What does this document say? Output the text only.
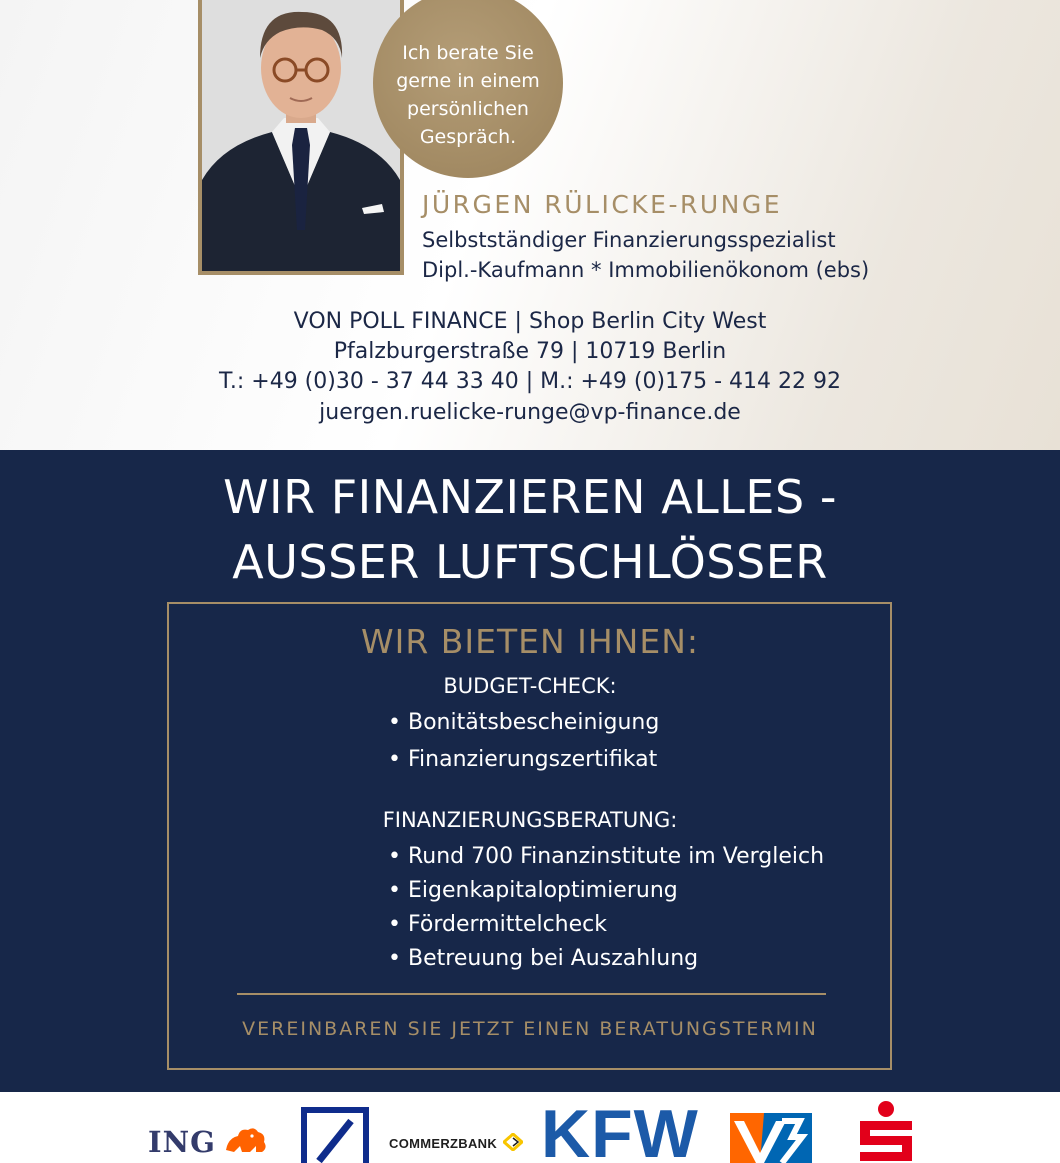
Ich berate Sie
gerne in einem
persönlichen
Gespräch.

JÜRGEN RÜLICKE-RUNGE
Selbstständiger Finanzierungsspezialist
Dipl.-Kaufmann * Immobilienökonom (ebs)
VON POLL FINANCE | Shop Berlin City West
Pfalzburgerstraße 79 | 10719 Berlin
T.: +49 (0)30 - 37 44 33 40 | M.: +49 (0)175 - 414 22 92
juergen.ruelicke-runge@vp-finance.de
WIR FINANZIEREN ALLES -
AUSSER LUFTSCHLÖSSER
WIR BIETEN IHNEN:
BUDGET-CHECK:
• Bonitätsbescheinigung
• Finanzierungszertifikat
FINANZIERUNGSBERATUNG:
• Rund 700 Finanzinstitute im Vergleich
• Eigenkapitaloptimierung
• Fördermittelcheck
• Betreuung bei Auszahlung
VEREINBAREN SIE JETZT EINEN BERATUNGSTERMIN
ING	COMMERZBANK KFW
